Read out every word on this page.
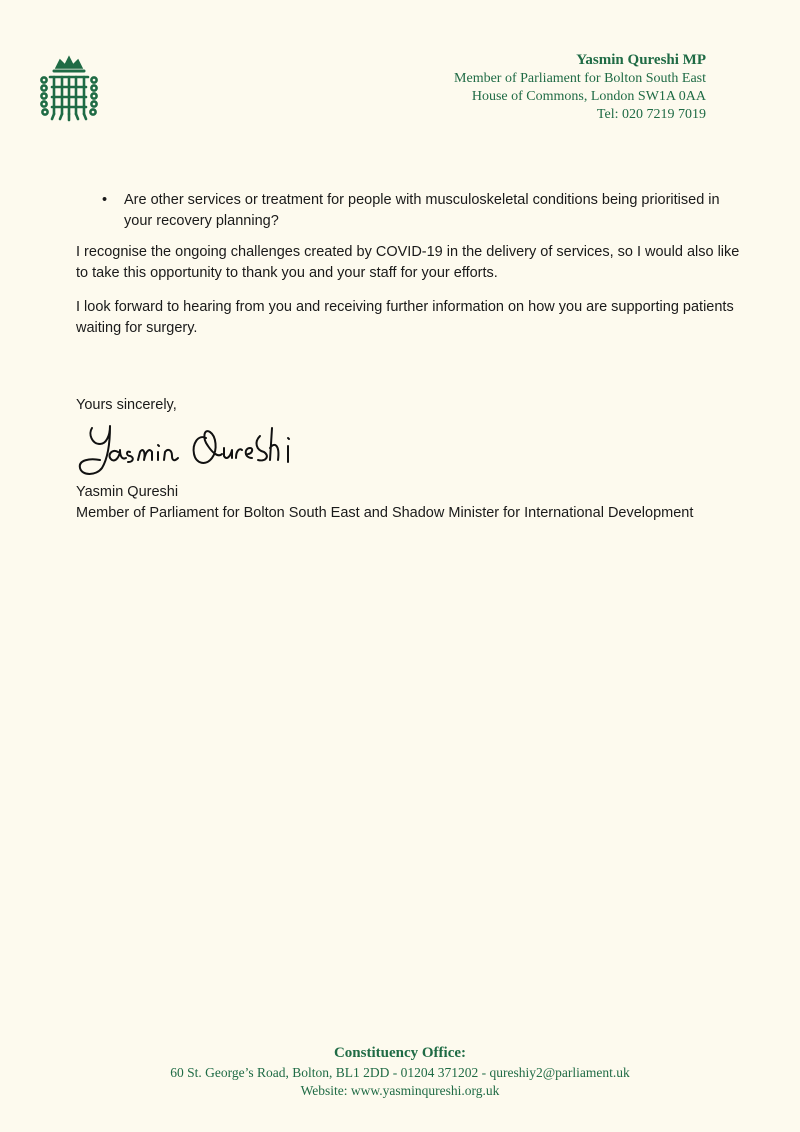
Yasmin Qureshi MP
Member of Parliament for Bolton South East
House of Commons, London SW1A 0AA
Tel: 020 7219 7019
•	Are other services or treatment for people with musculoskeletal conditions being prioritised in your recovery planning?

I recognise the ongoing challenges created by COVID-19 in the delivery of services, so I would also like to take this opportunity to thank you and your staff for your efforts.

I look forward to hearing from you and receiving further information on how you are supporting patients waiting for surgery.

Yours sincerely,
Yasmin Qureshi
Member of Parliament for Bolton South East and Shadow Minister for International Development
Constituency Office:
60 St. George’s Road, Bolton, BL1 2DD - 01204 371202 - qureshiy2@parliament.uk
Website: www.yasminqureshi.org.uk
